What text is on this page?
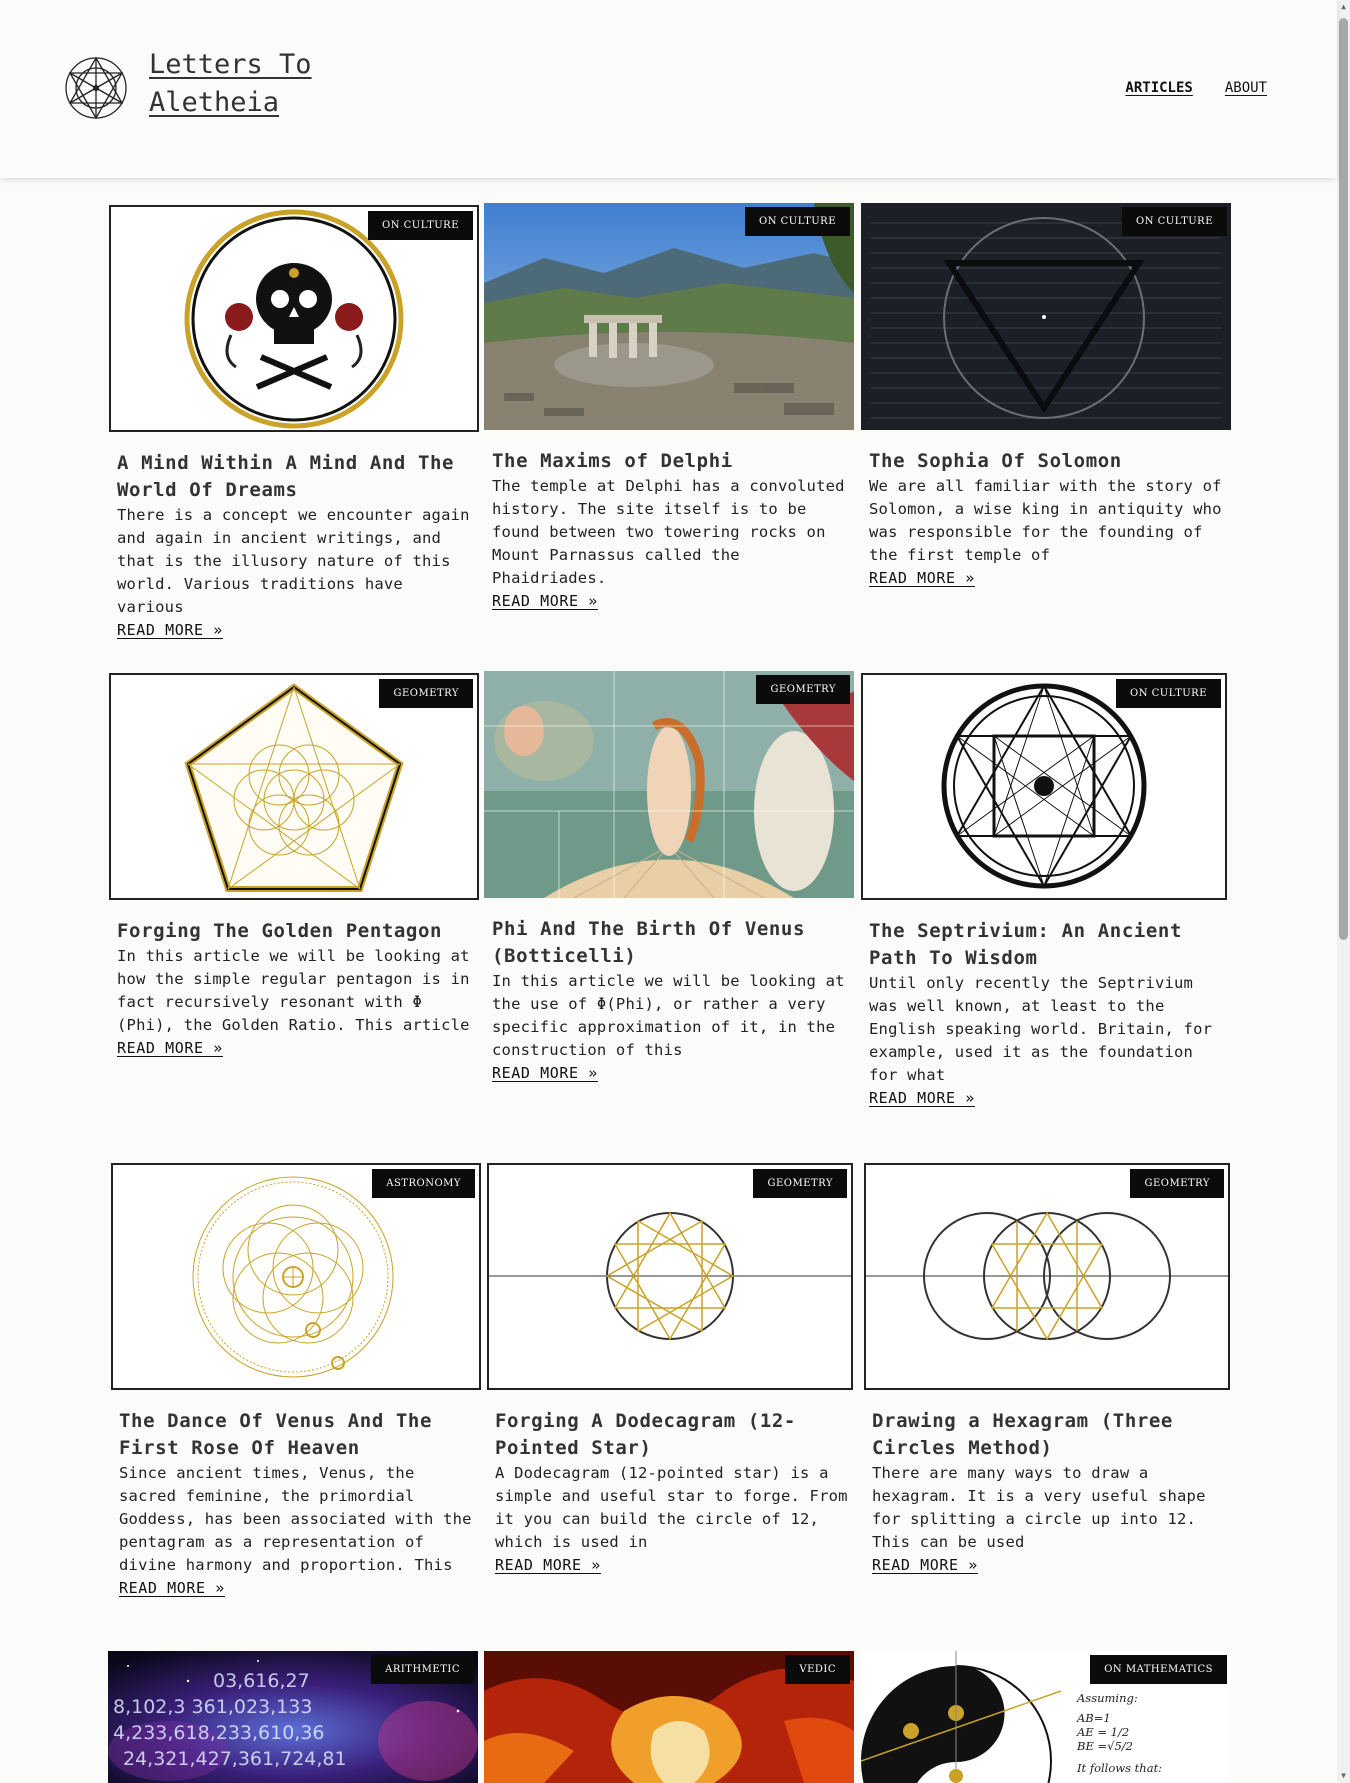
Letters To Aletheia	ARTICLES ABOUT
ON CULTURE
A Mind Within A Mind And The World Of Dreams

There is a concept we encounter again and again in ancient writings, and that is the illusory nature of this world. Various traditions have various

READ MORE »
ON CULTURE
The Maxims of Delphi

The temple at Delphi has a convoluted history. The site itself is to be found between two towering rocks on Mount Parnassus called the Phaidriades.

READ MORE »
ON CULTURE
The Sophia Of Solomon

We are all familiar with the story of Solomon, a wise king in antiquity who was responsible for the founding of the first temple of

READ MORE »
GEOMETRY
Forging The Golden Pentagon

In this article we will be looking at how the simple regular pentagon is in fact recursively resonant with Φ (Phi), the Golden Ratio. This article

READ MORE »
GEOMETRY
Phi And The Birth Of Venus (Botticelli)

In this article we will be looking at the use of Φ(Phi), or rather a very specific approximation of it, in the construction of this

READ MORE »
ON CULTURE
The Septrivium: An Ancient Path To Wisdom

Until only recently the Septrivium was well known, at least to the English speaking world. Britain, for example, used it as the foundation for what

READ MORE »
ASTRONOMY
The Dance Of Venus And The First Rose Of Heaven

Since ancient times, Venus, the sacred feminine, the primordial Goddess, has been associated with the pentagram as a representation of divine harmony and proportion. This

READ MORE »
GEOMETRY
Forging A Dodecagram (12-Pointed Star)

A Dodecagram (12-pointed star) is a simple and useful star to forge. From it you can build the circle of 12, which is used in

READ MORE »
GEOMETRY
Drawing a Hexagram (Three Circles Method)

There are many ways to draw a hexagram. It is a very useful shape for splitting a circle up into 12. This can be used

READ MORE »
03,616,27
8,102,3 361,023,133
4,233,618,233,610,36
24,321,427,361,724,81
ARITHMETIC	VEDIC
Assuming:
AB=1
AE = 1/2
BE =√5/2
It follows that:
ON MATHEMATICS
▲
▼
